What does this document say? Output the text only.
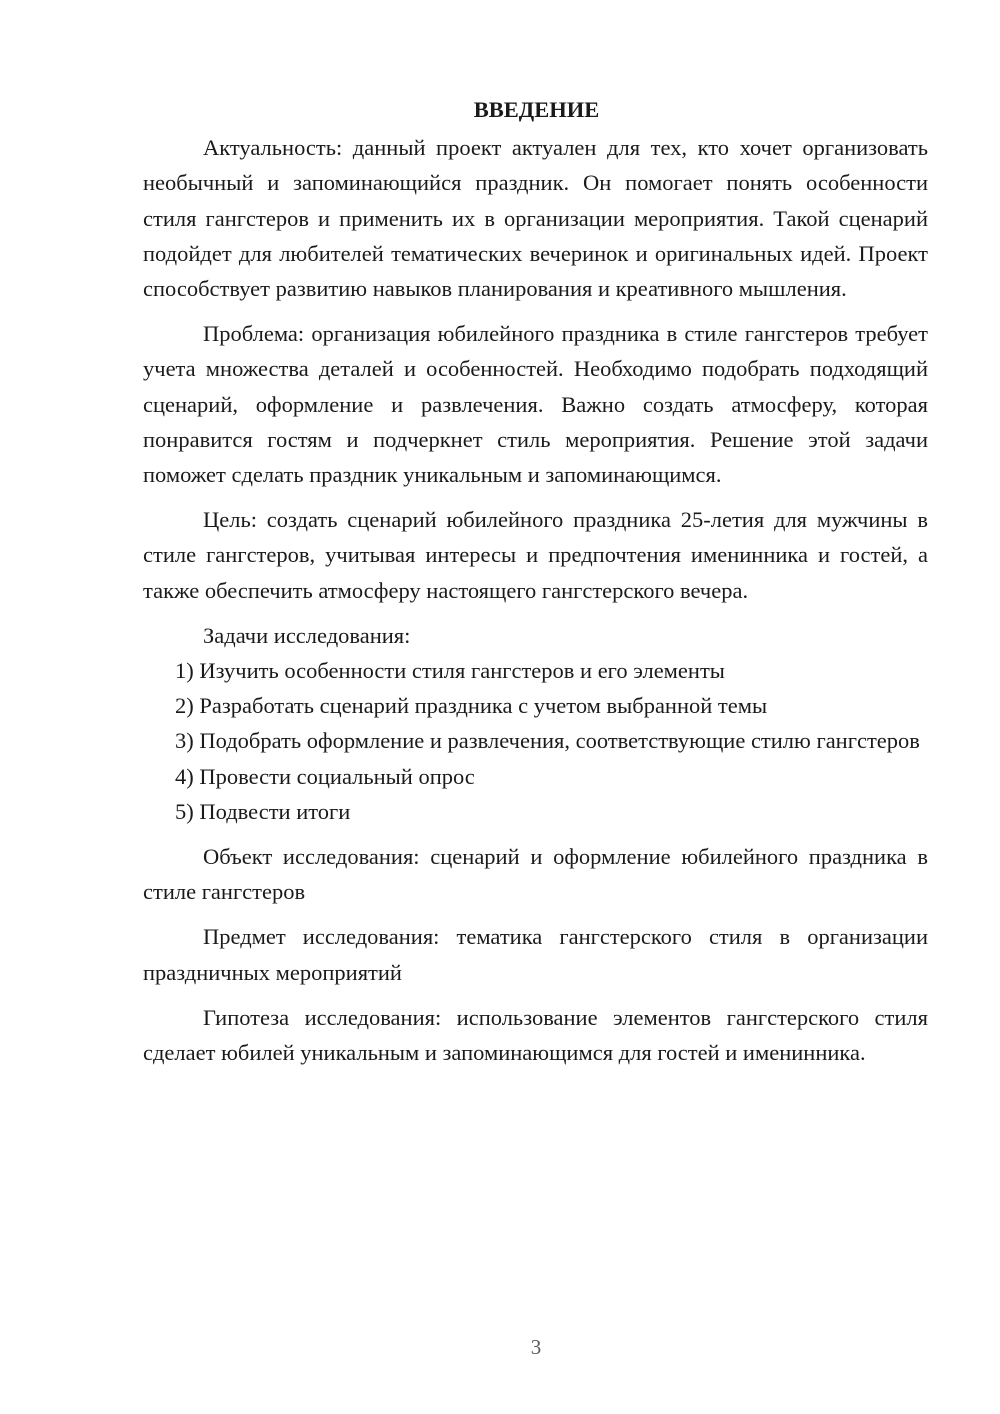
ВВЕДЕНИЕ

Актуальность: данный проект актуален для тех, кто хочет организовать необычный и запоминающийся праздник. Он помогает понять особенности стиля гангстеров и применить их в организации мероприятия. Такой сценарий подойдет для любителей тематических вечеринок и оригинальных идей. Проект способствует развитию навыков планирования и креативного мышления.

Проблема: организация юбилейного праздника в стиле гангстеров требует учета множества деталей и особенностей. Необходимо подобрать подходящий сценарий, оформление и развлечения. Важно создать атмосферу, которая понравится гостям и подчеркнет стиль мероприятия. Решение этой задачи поможет сделать праздник уникальным и запоминающимся.

Цель: создать сценарий юбилейного праздника 25-летия для мужчины в стиле гангстеров, учитывая интересы и предпочтения именинника и гостей, а также обеспечить атмосферу настоящего гангстерского вечера.

Задачи исследования:

1) Изучить особенности стиля гангстеров и его элементы

2) Разработать сценарий праздника с учетом выбранной темы

3) Подобрать оформление и развлечения, соответствующие стилю гангстеров

4) Провести социальный опрос

5) Подвести итоги

Объект исследования: сценарий и оформление юбилейного праздника в стиле гангстеров

Предмет исследования: тематика гангстерского стиля в организации праздничных мероприятий

Гипотеза исследования: использование элементов гангстерского стиля сделает юбилей уникальным и запоминающимся для гостей и именинника.

3
